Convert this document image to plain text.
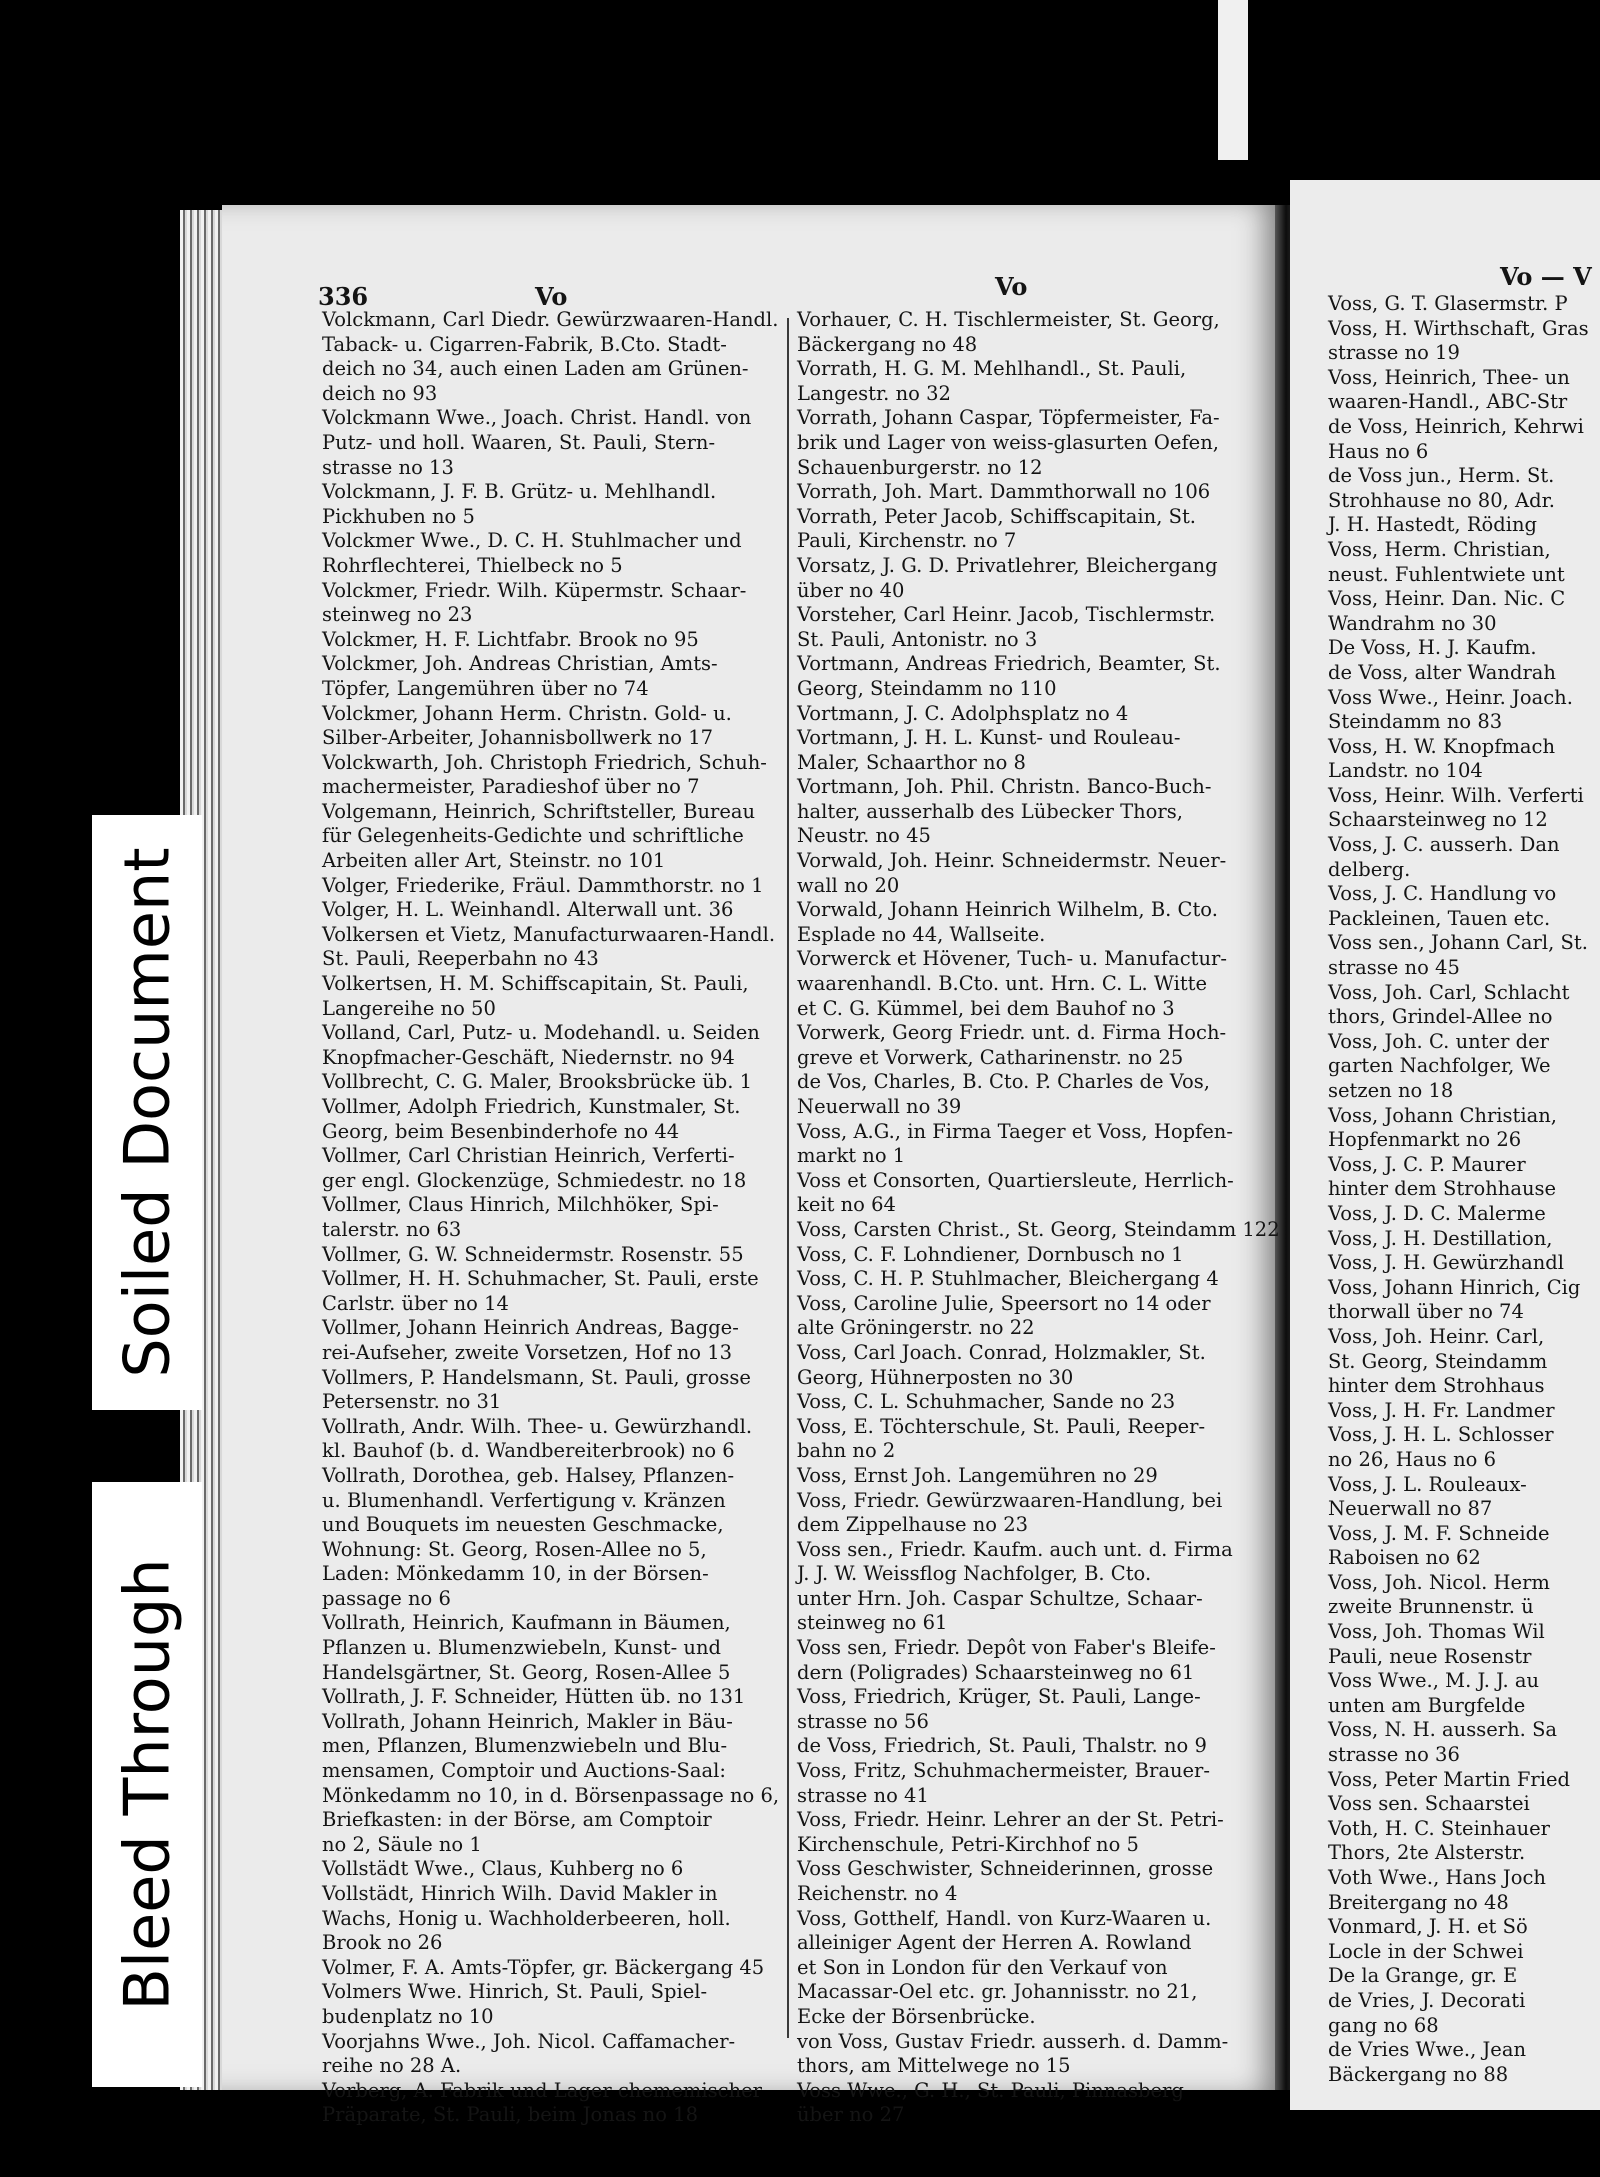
Soiled Document
Bleed Through
336	Vo	Vo	Vo — V
Volckmann, Carl Diedr. Gewürzwaaren-Handl.
Taback- u. Cigarren-Fabrik, B.Cto. Stadt-
deich no 34, auch einen Laden am Grünen-
deich no 93
Volckmann Wwe., Joach. Christ. Handl. von
Putz- und holl. Waaren, St. Pauli, Stern-
strasse no 13
Volckmann, J. F. B. Grütz- u. Mehlhandl.
Pickhuben no 5
Volckmer Wwe., D. C. H. Stuhlmacher und
Rohrflechterei, Thielbeck no 5
Volckmer, Friedr. Wilh. Küpermstr. Schaar-
steinweg no 23
Volckmer, H. F. Lichtfabr. Brook no 95
Volckmer, Joh. Andreas Christian, Amts-
Töpfer, Langemühren über no 74
Volckmer, Johann Herm. Christn. Gold- u.
Silber-Arbeiter, Johannisbollwerk no 17
Volckwarth, Joh. Christoph Friedrich, Schuh-
machermeister, Paradieshof über no 7
Volgemann, Heinrich, Schriftsteller, Bureau
für Gelegenheits-Gedichte und schriftliche
Arbeiten aller Art, Steinstr. no 101
Volger, Friederike, Fräul. Dammthorstr. no 1
Volger, H. L. Weinhandl. Alterwall unt. 36
Volkersen et Vietz, Manufacturwaaren-Handl.
St. Pauli, Reeperbahn no 43
Volkertsen, H. M. Schiffscapitain, St. Pauli,
Langereihe no 50
Volland, Carl, Putz- u. Modehandl. u. Seiden
Knopfmacher-Geschäft, Niedernstr. no 94
Vollbrecht, C. G. Maler, Brooksbrücke üb. 1
Vollmer, Adolph Friedrich, Kunstmaler, St.
Georg, beim Besenbinderhofe no 44
Vollmer, Carl Christian Heinrich, Verferti-
ger engl. Glockenzüge, Schmiedestr. no 18
Vollmer, Claus Hinrich, Milchhöker, Spi-
talerstr. no 63
Vollmer, G. W. Schneidermstr. Rosenstr. 55
Vollmer, H. H. Schuhmacher, St. Pauli, erste
Carlstr. über no 14
Vollmer, Johann Heinrich Andreas, Bagge-
rei-Aufseher, zweite Vorsetzen, Hof no 13
Vollmers, P. Handelsmann, St. Pauli, grosse
Petersenstr. no 31
Vollrath, Andr. Wilh. Thee- u. Gewürzhandl.
kl. Bauhof (b. d. Wandbereiterbrook) no 6
Vollrath, Dorothea, geb. Halsey, Pflanzen-
u. Blumenhandl. Verfertigung v. Kränzen
und Bouquets im neuesten Geschmacke,
Wohnung: St. Georg, Rosen-Allee no 5,
Laden: Mönkedamm 10, in der Börsen-
passage no 6
Vollrath, Heinrich, Kaufmann in Bäumen,
Pflanzen u. Blumenzwiebeln, Kunst- und
Handelsgärtner, St. Georg, Rosen-Allee 5
Vollrath, J. F. Schneider, Hütten üb. no 131
Vollrath, Johann Heinrich, Makler in Bäu-
men, Pflanzen, Blumenzwiebeln und Blu-
mensamen, Comptoir und Auctions-Saal:
Mönkedamm no 10, in d. Börsenpassage no 6,
Briefkasten: in der Börse, am Comptoir
no 2, Säule no 1
Vollstädt Wwe., Claus, Kuhberg no 6
Vollstädt, Hinrich Wilh. David Makler in
Wachs, Honig u. Wachholderbeeren, holl.
Brook no 26
Volmer, F. A. Amts-Töpfer, gr. Bäckergang 45
Volmers Wwe. Hinrich, St. Pauli, Spiel-
budenplatz no 10
Voorjahns Wwe., Joh. Nicol. Caffamacher-
reihe no 28 A.
Vorberg, A. Fabrik und Lager chememischer
Präparate, St. Pauli, beim Jonas no 18
Vorhauer, C. H. Tischlermeister, St. Georg,
Bäckergang no 48
Vorrath, H. G. M. Mehlhandl., St. Pauli,
Langestr. no 32
Vorrath, Johann Caspar, Töpfermeister, Fa-
brik und Lager von weiss-glasurten Oefen,
Schauenburgerstr. no 12
Vorrath, Joh. Mart. Dammthorwall no 106
Vorrath, Peter Jacob, Schiffscapitain, St.
Pauli, Kirchenstr. no 7
Vorsatz, J. G. D. Privatlehrer, Bleichergang
über no 40
Vorsteher, Carl Heinr. Jacob, Tischlermstr.
St. Pauli, Antonistr. no 3
Vortmann, Andreas Friedrich, Beamter, St.
Georg, Steindamm no 110
Vortmann, J. C. Adolphsplatz no 4
Vortmann, J. H. L. Kunst- und Rouleau-
Maler, Schaarthor no 8
Vortmann, Joh. Phil. Christn. Banco-Buch-
halter, ausserhalb des Lübecker Thors,
Neustr. no 45
Vorwald, Joh. Heinr. Schneidermstr. Neuer-
wall no 20
Vorwald, Johann Heinrich Wilhelm, B. Cto.
Esplade no 44, Wallseite.
Vorwerck et Hövener, Tuch- u. Manufactur-
waarenhandl. B.Cto. unt. Hrn. C. L. Witte
et C. G. Kümmel, bei dem Bauhof no 3
Vorwerk, Georg Friedr. unt. d. Firma Hoch-
greve et Vorwerk, Catharinenstr. no 25
de Vos, Charles, B. Cto. P. Charles de Vos,
Neuerwall no 39
Voss, A.G., in Firma Taeger et Voss, Hopfen-
markt no 1
Voss et Consorten, Quartiersleute, Herrlich-
keit no 64
Voss, Carsten Christ., St. Georg, Steindamm 122
Voss, C. F. Lohndiener, Dornbusch no 1
Voss, C. H. P. Stuhlmacher, Bleichergang 4
Voss, Caroline Julie, Speersort no 14 oder
alte Gröningerstr. no 22
Voss, Carl Joach. Conrad, Holzmakler, St.
Georg, Hühnerposten no 30
Voss, C. L. Schuhmacher, Sande no 23
Voss, E. Töchterschule, St. Pauli, Reeper-
bahn no 2
Voss, Ernst Joh. Langemühren no 29
Voss, Friedr. Gewürzwaaren-Handlung, bei
dem Zippelhause no 23
Voss sen., Friedr. Kaufm. auch unt. d. Firma
J. J. W. Weissflog Nachfolger, B. Cto.
unter Hrn. Joh. Caspar Schultze, Schaar-
steinweg no 61
Voss sen, Friedr. Depôt von Faber's Bleife-
dern (Poligrades) Schaarsteinweg no 61
Voss, Friedrich, Krüger, St. Pauli, Lange-
strasse no 56
de Voss, Friedrich, St. Pauli, Thalstr. no 9
Voss, Fritz, Schuhmachermeister, Brauer-
strasse no 41
Voss, Friedr. Heinr. Lehrer an der St. Petri-
Kirchenschule, Petri-Kirchhof no 5
Voss Geschwister, Schneiderinnen, grosse
Reichenstr. no 4
Voss, Gotthelf, Handl. von Kurz-Waaren u.
alleiniger Agent der Herren A. Rowland
et Son in London für den Verkauf von
Macassar-Oel etc. gr. Johannisstr. no 21,
Ecke der Börsenbrücke.
von Voss, Gustav Friedr. ausserh. d. Damm-
thors, am Mittelwege no 15
Voss Wwe., G. H., St. Pauli, Pinnasberg
über no 27
Voss, G. T. Glasermstr. P
Voss, H. Wirthschaft, Gras
strasse no 19
Voss, Heinrich, Thee- un
waaren-Handl., ABC-Str
de Voss, Heinrich, Kehrwi
Haus no 6
de Voss jun., Herm. St.
Strohhause no 80, Adr.
J. H. Hastedt, Röding
Voss, Herm. Christian,
neust. Fuhlentwiete unt
Voss, Heinr. Dan. Nic. C
Wandrahm no 30
De Voss, H. J. Kaufm.
de Voss, alter Wandrah
Voss Wwe., Heinr. Joach.
Steindamm no 83
Voss, H. W. Knopfmach
Landstr. no 104
Voss, Heinr. Wilh. Verferti
Schaarsteinweg no 12
Voss, J. C. ausserh. Dan
delberg.
Voss, J. C. Handlung vo
Packleinen, Tauen etc.
Voss sen., Johann Carl, St.
strasse no 45
Voss, Joh. Carl, Schlacht
thors, Grindel-Allee no
Voss, Joh. C. unter der
garten Nachfolger, We
setzen no 18
Voss, Johann Christian,
Hopfenmarkt no 26
Voss, J. C. P. Maurer
hinter dem Strohhause
Voss, J. D. C. Malerme
Voss, J. H. Destillation,
Voss, J. H. Gewürzhandl
Voss, Johann Hinrich, Cig
thorwall über no 74
Voss, Joh. Heinr. Carl,
St. Georg, Steindamm
hinter dem Strohhaus
Voss, J. H. Fr. Landmer
Voss, J. H. L. Schlosser
no 26, Haus no 6
Voss, J. L. Rouleaux-
Neuerwall no 87
Voss, J. M. F. Schneide
Raboisen no 62
Voss, Joh. Nicol. Herm
zweite Brunnenstr. ü
Voss, Joh. Thomas Wil
Pauli, neue Rosenstr
Voss Wwe., M. J. J. au
unten am Burgfelde
Voss, N. H. ausserh. Sa
strasse no 36
Voss, Peter Martin Fried
Voss sen. Schaarstei
Voth, H. C. Steinhauer
Thors, 2te Alsterstr.
Voth Wwe., Hans Joch
Breitergang no 48
Vonmard, J. H. et Sö
Locle in der Schwei
De la Grange, gr. E
de Vries, J. Decorati
gang no 68
de Vries Wwe., Jean
Bäckergang no 88
